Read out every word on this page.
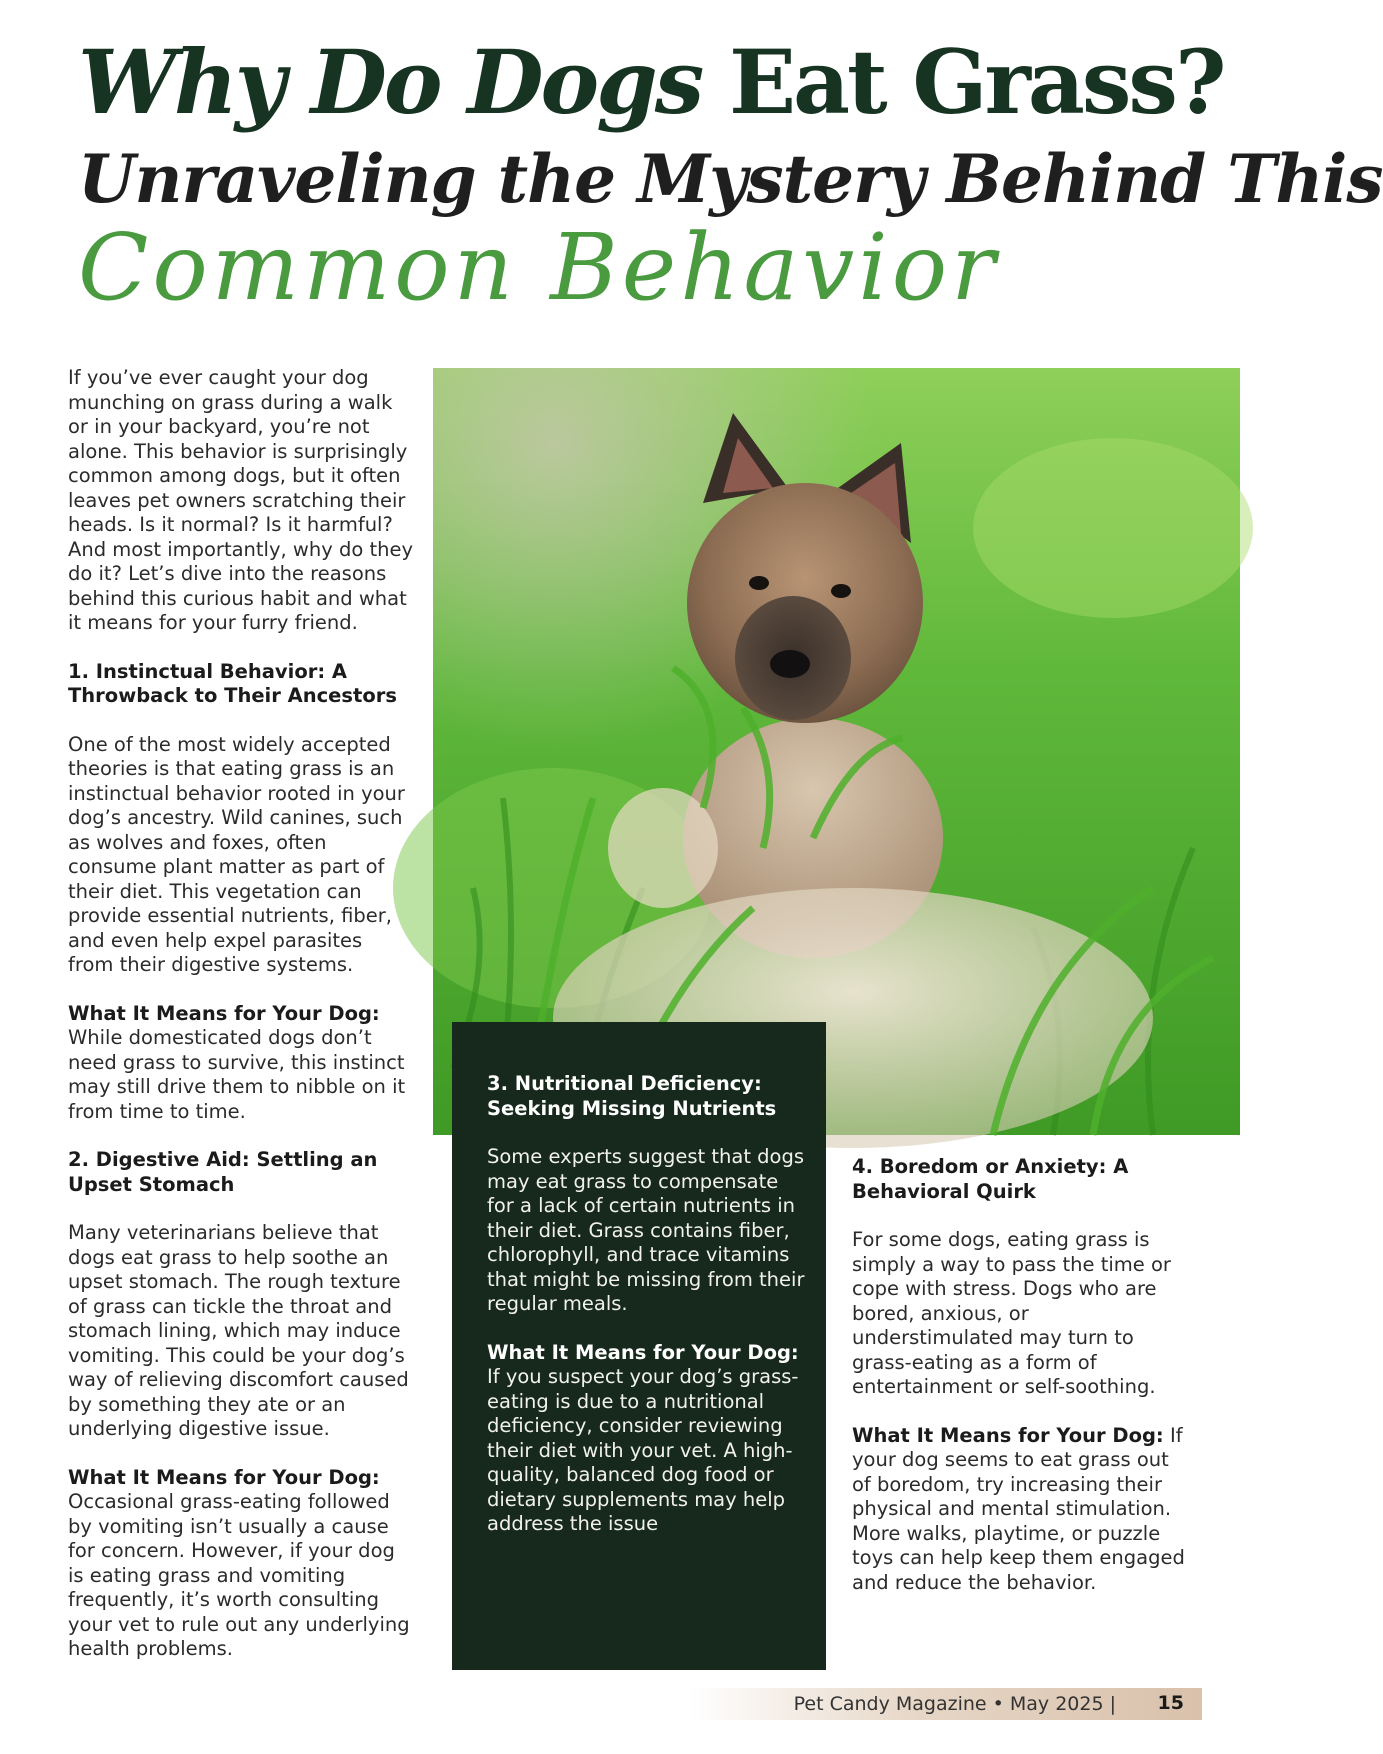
Why Do Dogs Eat Grass?
Unraveling the Mystery Behind This
Common Behavior

If you’ve ever caught your dog munching on grass during a walk or in your backyard, you’re not alone. This behavior is surprisingly common among dogs, but it often leaves pet owners scratching their heads. Is it normal? Is it harmful? And most importantly, why do they do it? Let’s dive into the reasons behind this curious habit and what it means for your furry friend.

1. Instinctual Behavior: A Throwback to Their Ancestors

One of the most widely accepted theories is that eating grass is an instinctual behavior rooted in your dog’s ancestry. Wild canines, such as wolves and foxes, often consume plant matter as part of their diet. This vegetation can provide essential nutrients, fiber, and even help expel parasites from their digestive systems.

What It Means for Your Dog: While domesticated dogs don’t need grass to survive, this instinct may still drive them to nibble on it from time to time.

2. Digestive Aid: Settling an Upset Stomach

Many veterinarians believe that dogs eat grass to help soothe an upset stomach. The rough texture of grass can tickle the throat and stomach lining, which may induce vomiting. This could be your dog’s way of relieving discomfort caused by something they ate or an underlying digestive issue.

What It Means for Your Dog:
Occasional grass-eating followed by vomiting isn’t usually a cause for concern. However, if your dog is eating grass and vomiting frequently, it’s worth consulting your vet to rule out any underlying health problems.

3. Nutritional Deficiency: Seeking Missing Nutrients

Some experts suggest that dogs may eat grass to compensate for a lack of certain nutrients in their diet. Grass contains fiber, chlorophyll, and trace vitamins that might be missing from their regular meals.

What It Means for Your Dog: If you suspect your dog’s grass-eating is due to a nutritional deficiency, consider reviewing their diet with your vet. A high-quality, balanced dog food or dietary supplements may help address the issue

4. Boredom or Anxiety: A Behavioral Quirk

For some dogs, eating grass is simply a way to pass the time or cope with stress. Dogs who are bored, anxious, or understimulated may turn to grass-eating as a form of entertainment or self-soothing.

What It Means for Your Dog: If your dog seems to eat grass out of boredom, try increasing their physical and mental stimulation. More walks, playtime, or puzzle toys can help keep them engaged and reduce the behavior.

Pet Candy Magazine • May 2025 | 15
